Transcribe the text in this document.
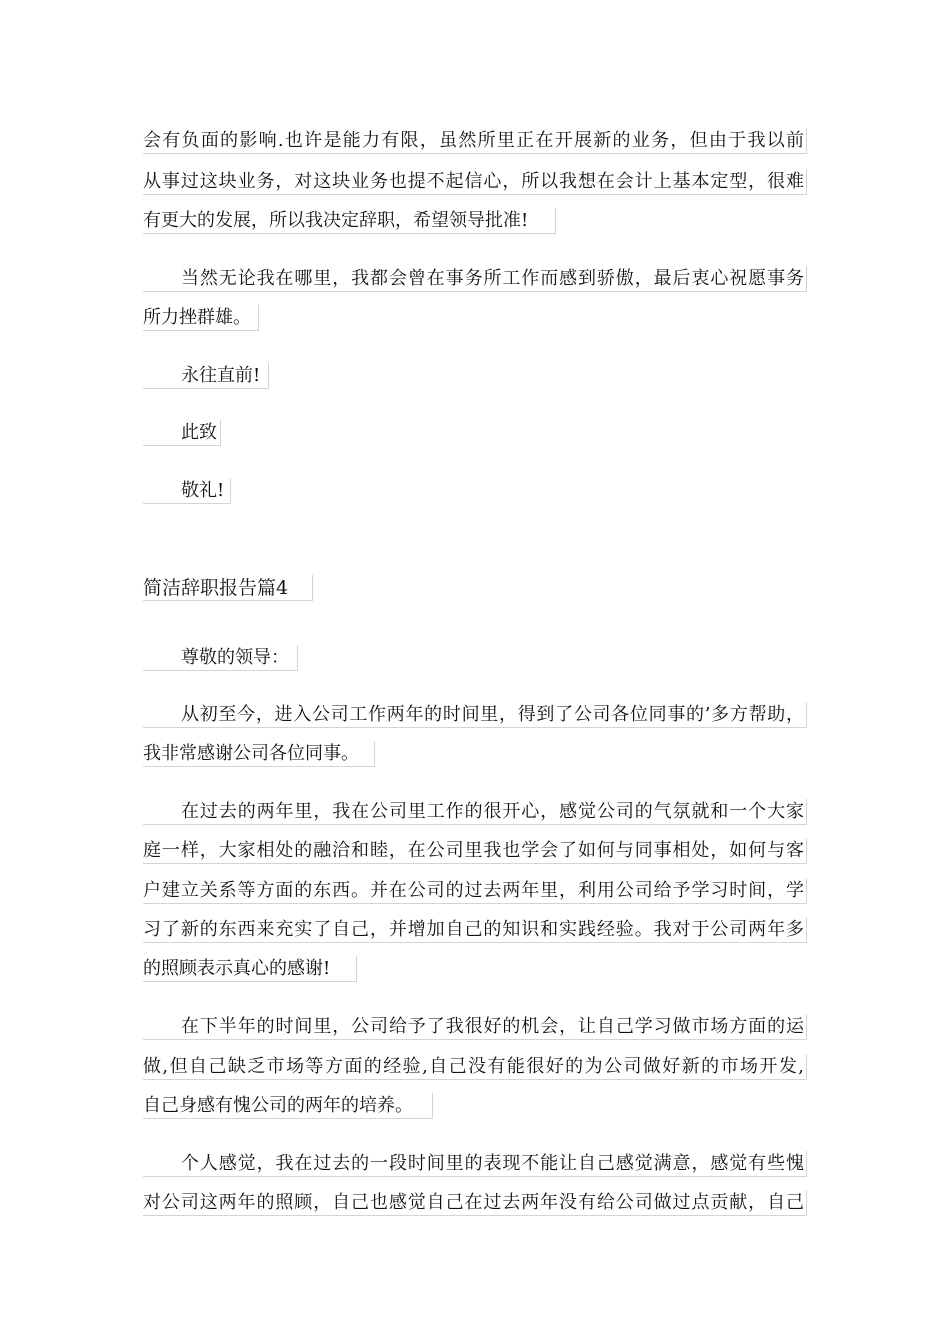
会有负面的影响.也许是能力有限，虽然所里正在开展新的业务，但由于我以前
从事过这块业务，对这块业务也提不起信心，所以我想在会计上基本定型，很难
有更大的发展，所以我决定辞职，希望领导批准!
当然无论我在哪里，我都会曾在事务所工作而感到骄傲，最后衷心祝愿事务
所力挫群雄。
永往直前!
此致
敬礼!
简洁辞职报告篇4
尊敬的领导：
从初至今，进入公司工作两年的时间里，得到了公司各位同事的’多方帮助，
我非常感谢公司各位同事。
在过去的两年里，我在公司里工作的很开心，感觉公司的气氛就和一个大家
庭一样，大家相处的融洽和睦，在公司里我也学会了如何与同事相处，如何与客
户建立关系等方面的东西。并在公司的过去两年里，利用公司给予学习时间，学
习了新的东西来充实了自己，并增加自己的知识和实践经验。我对于公司两年多
的照顾表示真心的感谢!
在下半年的时间里，公司给予了我很好的机会，让自己学习做市场方面的运
做,但自己缺乏市场等方面的经验,自己没有能很好的为公司做好新的市场开发,
自己身感有愧公司的两年的培养。
个人感觉，我在过去的一段时间里的表现不能让自己感觉满意，感觉有些愧
对公司这两年的照顾，自己也感觉自己在过去两年没有给公司做过点贡献，自己
